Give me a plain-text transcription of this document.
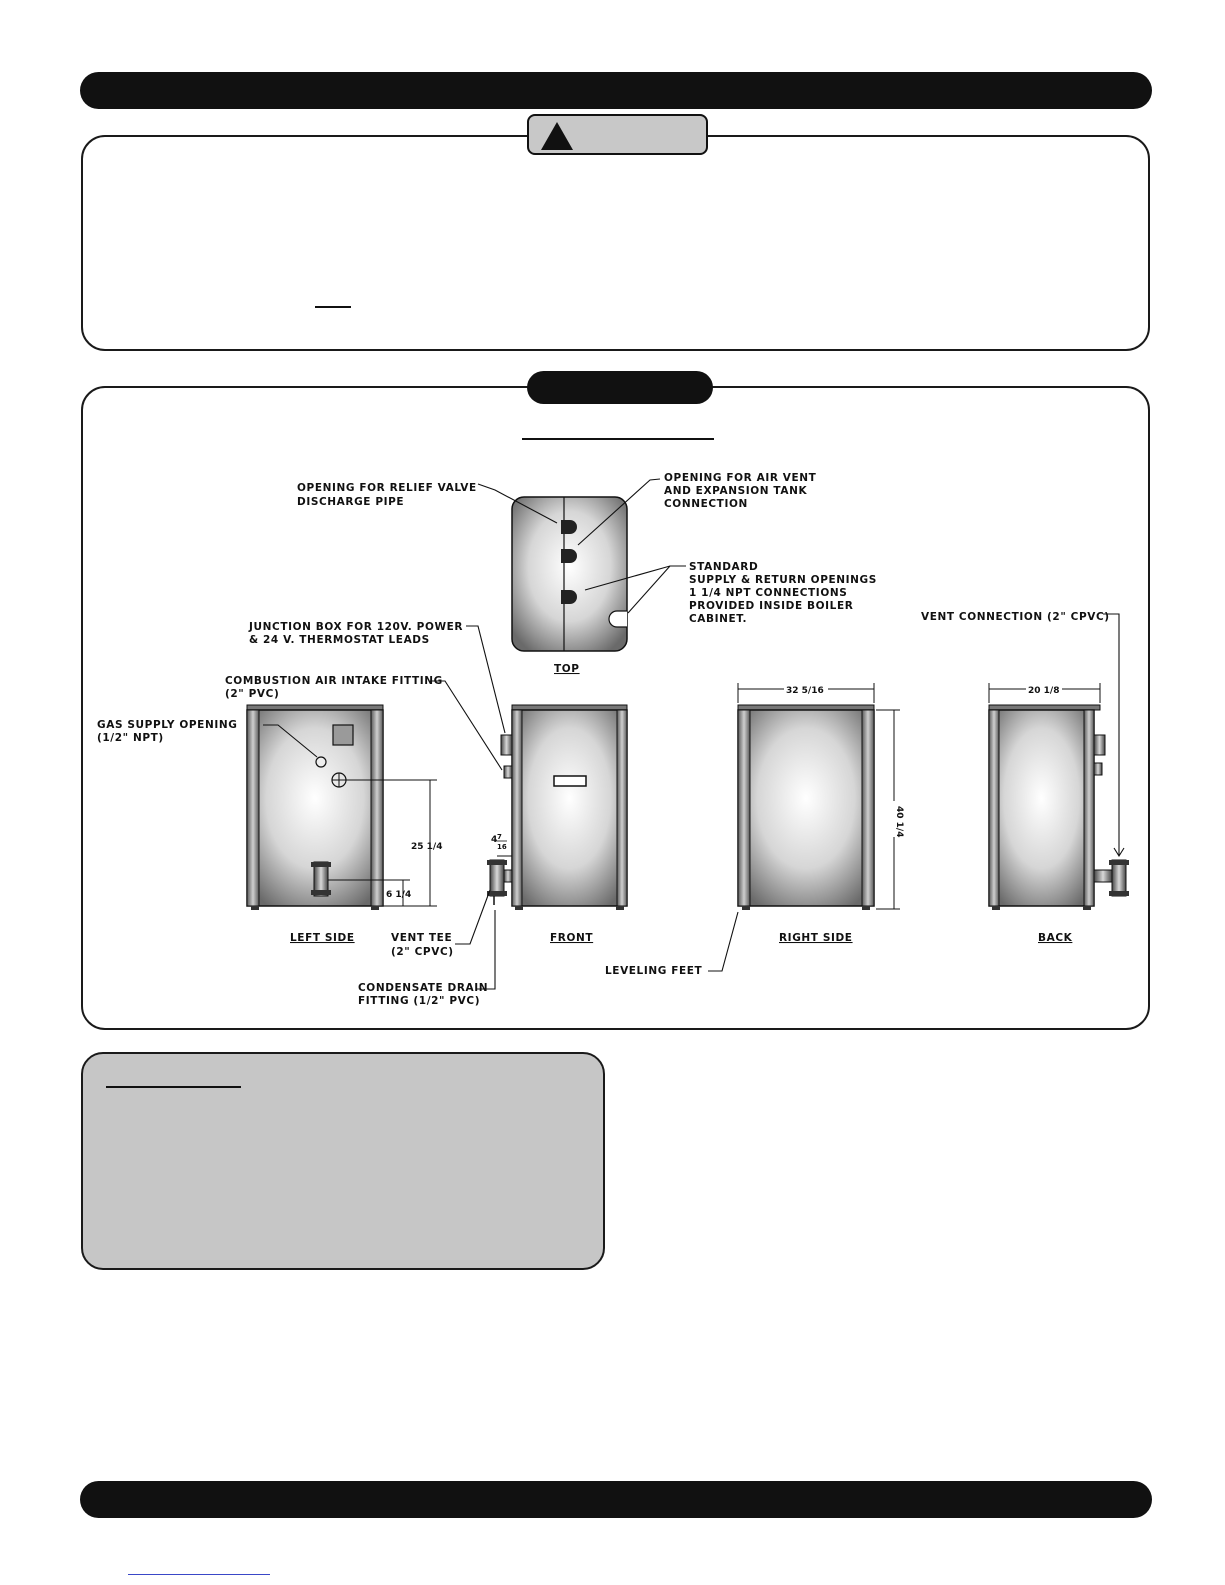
OPENING FOR RELIEF VALVE DISCHARGE PIPE
OPENING FOR AIR VENT AND EXPANSION TANK CONNECTION
STANDARD SUPPLY & RETURN OPENINGS 1 1/4 NPT CONNECTIONS PROVIDED INSIDE BOILER CABINET.
JUNCTION BOX FOR 120V. POWER & 24 V. THERMOSTAT LEADS
COMBUSTION AIR INTAKE FITTING (2" PVC)
GAS SUPPLY OPENING (1/2" NPT)
VENT CONNECTION (2" CPVC)
VENT TEE (2" CPVC)
CONDENSATE DRAIN FITTING (1/2" PVC)
LEVELING FEET
TOP
LEFT SIDE	FRONT	RIGHT SIDE	BACK
32 5/16
40 1/4
20 1/8
25 1/4
6 1/4
4 7
16
